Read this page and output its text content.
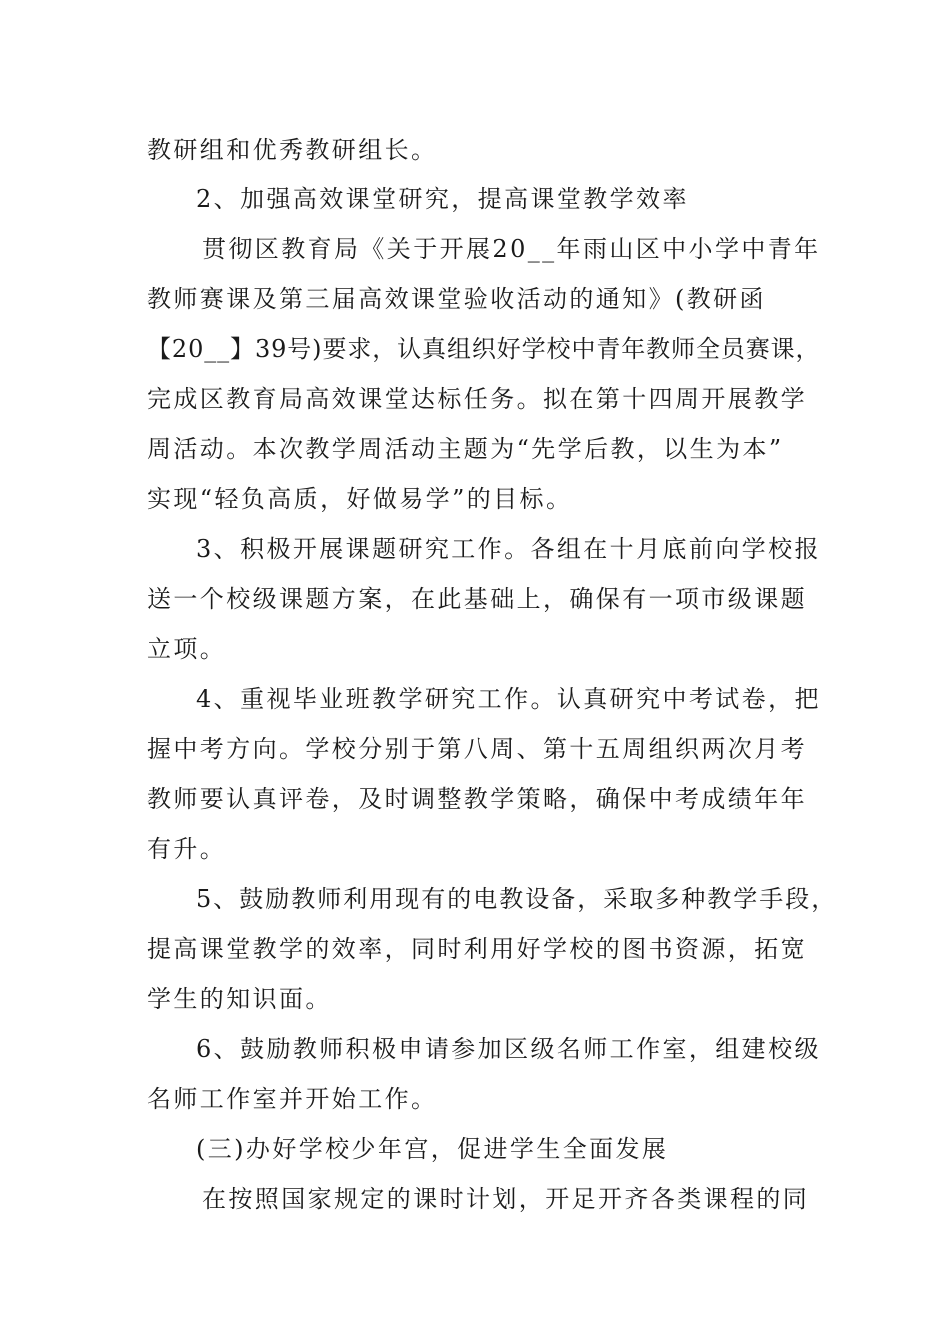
教研组和优秀教研组长。
2、加强高效课堂研究，提高课堂教学效率
贯彻区教育局《关于开展20__年雨山区中小学中青年
教师赛课及第三届高效课堂验收活动的通知》(教研函
【20__】39号)要求，认真组织好学校中青年教师全员赛课，
完成区教育局高效课堂达标任务。拟在第十四周开展教学
周活动。本次教学周活动主题为“先学后教，以生为本”
实现“轻负高质，好做易学”的目标。
3、积极开展课题研究工作。各组在十月底前向学校报
送一个校级课题方案，在此基础上，确保有一项市级课题
立项。
4、重视毕业班教学研究工作。认真研究中考试卷，把
握中考方向。学校分别于第八周、第十五周组织两次月考
教师要认真评卷，及时调整教学策略，确保中考成绩年年
有升。
5、鼓励教师利用现有的电教设备，采取多种教学手段，
提高课堂教学的效率，同时利用好学校的图书资源，拓宽
学生的知识面。
6、鼓励教师积极申请参加区级名师工作室，组建校级
名师工作室并开始工作。
(三)办好学校少年宫，促进学生全面发展
在按照国家规定的课时计划，开足开齐各类课程的同
